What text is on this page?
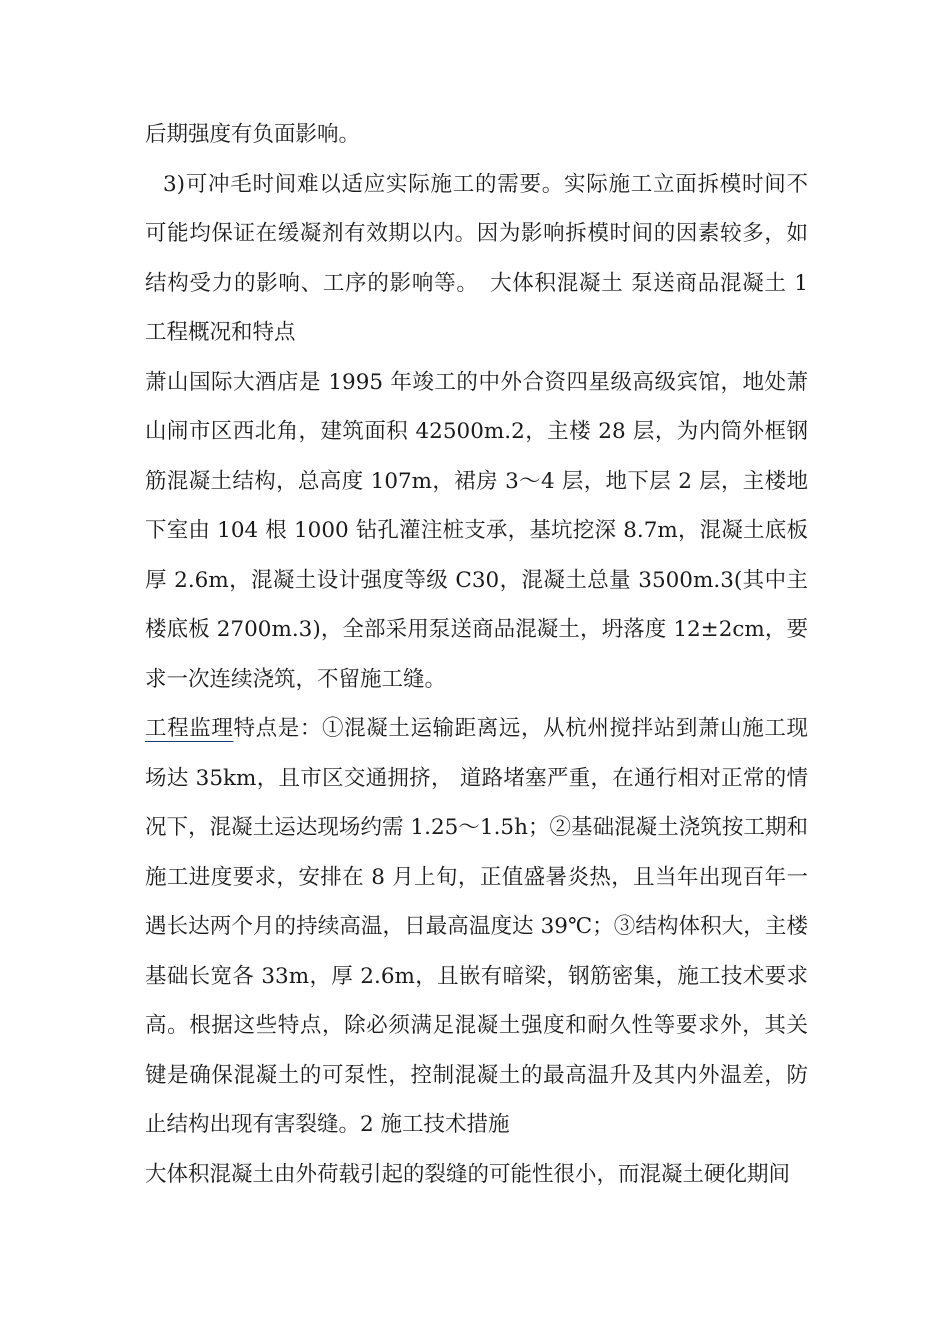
后期强度有负面影响。

3)可冲毛时间难以适应实际施工的需要。实际施工立面拆模时间不可能均保证在缓凝剂有效期以内。因为影响拆模时间的因素较多，如结构受力的影响、工序的影响等。　大体积混凝土 泵送商品混凝土 1 工程概况和特点

萧山国际大酒店是 1995 年竣工的中外合资四星级高级宾馆，地处萧山闹市区西北角，建筑面积 42500m.2，主楼 28 层，为内筒外框钢筋混凝土结构，总高度 107m，裙房 3～4 层，地下层 2 层，主楼地下室由 104 根 1000 钻孔灌注桩支承，基坑挖深 8.7m，混凝土底板厚 2.6m，混凝土设计强度等级 C30，混凝土总量 3500m.3(其中主楼底板 2700m.3)，全部采用泵送商品混凝土，坍落度 12±2cm，要求一次连续浇筑，不留施工缝。

工程监理特点是：①混凝土运输距离远，从杭州搅拌站到萧山施工现场达 35km，且市区交通拥挤， 道路堵塞严重，在通行相对正常的情况下，混凝土运达现场约需 1.25～1.5h；②基础混凝土浇筑按工期和施工进度要求，安排在 8 月上旬，正值盛暑炎热，且当年出现百年一遇长达两个月的持续高温，日最高温度达 39℃；③结构体积大，主楼基础长宽各 33m，厚 2.6m，且嵌有暗梁，钢筋密集，施工技术要求高。根据这些特点，除必须满足混凝土强度和耐久性等要求外，其关键是确保混凝土的可泵性，控制混凝土的最高温升及其内外温差，防止结构出现有害裂缝。2 施工技术措施

大体积混凝土由外荷载引起的裂缝的可能性很小，而混凝土硬化期间
